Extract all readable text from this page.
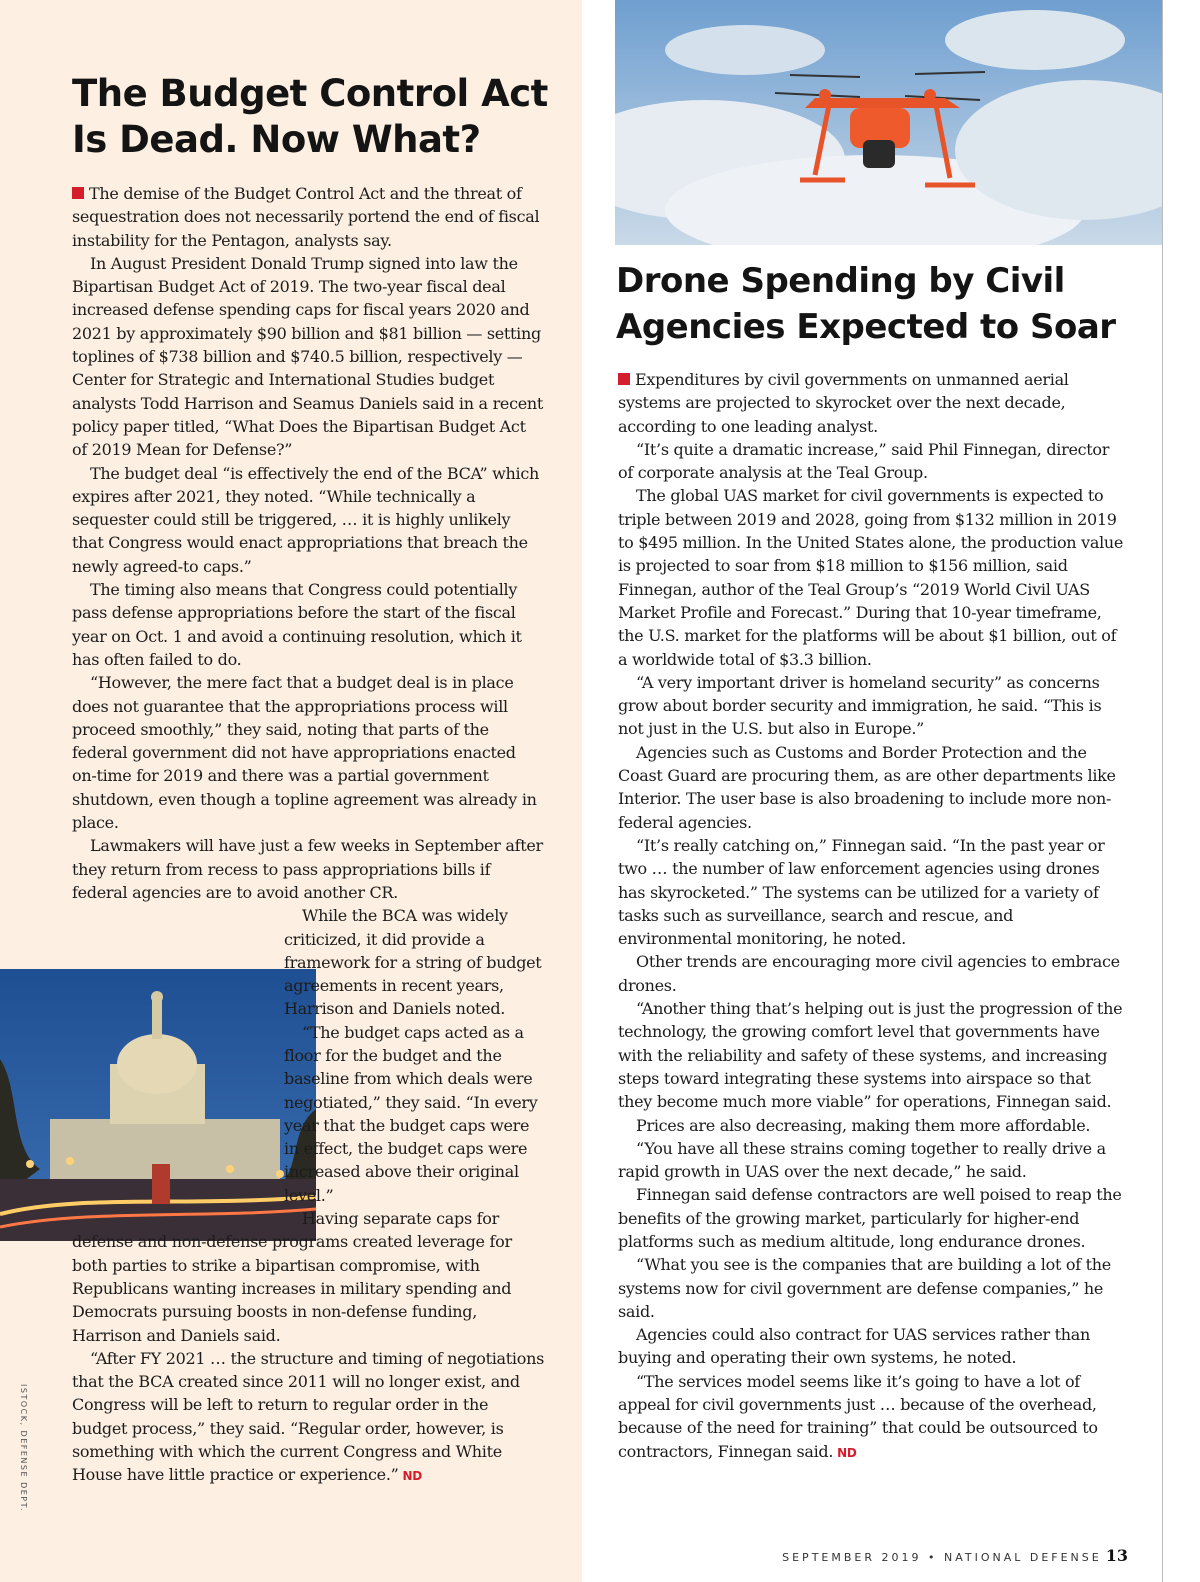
The Budget Control Act
Is Dead. Now What?

The demise of the Budget Control Act and the threat of sequestration does not necessarily portend the end of fiscal instability for the Pentagon, analysts say.

In August President Donald Trump signed into law the Bipartisan Budget Act of 2019. The two-year fiscal deal increased defense spending caps for fiscal years 2020 and 2021 by approximately $90 billion and $81 billion — setting toplines of $738 billion and $740.5 billion, respectively — Center for Strategic and International Studies budget analysts Todd Harrison and Seamus Daniels said in a recent policy paper titled, “What Does the Bipartisan Budget Act of 2019 Mean for Defense?”

The budget deal “is effectively the end of the BCA” which expires after 2021, they noted. “While technically a sequester could still be triggered, … it is highly unlikely that Congress would enact appropriations that breach the newly agreed-to caps.”

The timing also means that Congress could potentially pass defense appropriations before the start of the fiscal year on Oct. 1 and avoid a continuing resolution, which it has often failed to do.

“However, the mere fact that a budget deal is in place does not guarantee that the appropriations process will proceed smoothly,” they said, noting that parts of the federal government did not have appropriations enacted on-time for 2019 and there was a partial government shutdown, even though a topline agreement was already in place.

Lawmakers will have just a few weeks in September after they return from recess to pass appropriations bills if federal agencies are to avoid another CR.

While the BCA was widely criticized, it did provide a framework for a string of budget agreements in recent years, Harrison and Daniels noted.

“The budget caps acted as a floor for the budget and the baseline from which deals were negotiated,” they said. “In every year that the budget caps were in effect, the budget caps were increased above their original level.”

Having separate caps for defense and non-defense programs created leverage for both parties to strike a bipartisan compromise, with Republicans wanting increases in military spending and Democrats pursuing boosts in non-defense funding, Harrison and Daniels said.

“After FY 2021 … the structure and timing of negotiations that the BCA created since 2011 will no longer exist, and Congress will be left to return to regular order in the budget process,” they said. “Regular order, however, is something with which the current Congress and White House have little practice or experience.” ND

Drone Spending by Civil
Agencies Expected to Soar

Expenditures by civil governments on unmanned aerial systems are projected to skyrocket over the next decade, according to one leading analyst.

“It’s quite a dramatic increase,” said Phil Finnegan, director of corporate analysis at the Teal Group.

The global UAS market for civil governments is expected to triple between 2019 and 2028, going from $132 million in 2019 to $495 million. In the United States alone, the production value is projected to soar from $18 million to $156 million, said Finnegan, author of the Teal Group’s “2019 World Civil UAS Market Profile and Forecast.” During that 10-year timeframe, the U.S. market for the platforms will be about $1 billion, out of a worldwide total of $3.3 billion.

“A very important driver is homeland security” as concerns grow about border security and immigration, he said. “This is not just in the U.S. but also in Europe.”

Agencies such as Customs and Border Protection and the Coast Guard are procuring them, as are other departments like Interior. The user base is also broadening to include more non-federal agencies.

“It’s really catching on,” Finnegan said. “In the past year or two … the number of law enforcement agencies using drones has skyrocketed.” The systems can be utilized for a variety of tasks such as surveillance, search and rescue, and environmental monitoring, he noted.

Other trends are encouraging more civil agencies to embrace drones.

“Another thing that’s helping out is just the progression of the technology, the growing comfort level that governments have with the reliability and safety of these systems, and increasing steps toward integrating these systems into airspace so that they become much more viable” for operations, Finnegan said.

Prices are also decreasing, making them more affordable.

“You have all these strains coming together to really drive a rapid growth in UAS over the next decade,” he said.

Finnegan said defense contractors are well poised to reap the benefits of the growing market, particularly for higher-end platforms such as medium altitude, long endurance drones.

“What you see is the companies that are building a lot of the systems now for civil government are defense companies,” he said.

Agencies could also contract for UAS services rather than buying and operating their own systems, he noted.

“The services model seems like it’s going to have a lot of appeal for civil governments just … because of the overhead, because of the need for training” that could be outsourced to contractors, Finnegan said. ND

ISTOCK, DEFENSE DEPT.
SEPTEMBER 2019 • NATIONAL DEFENSE 13
